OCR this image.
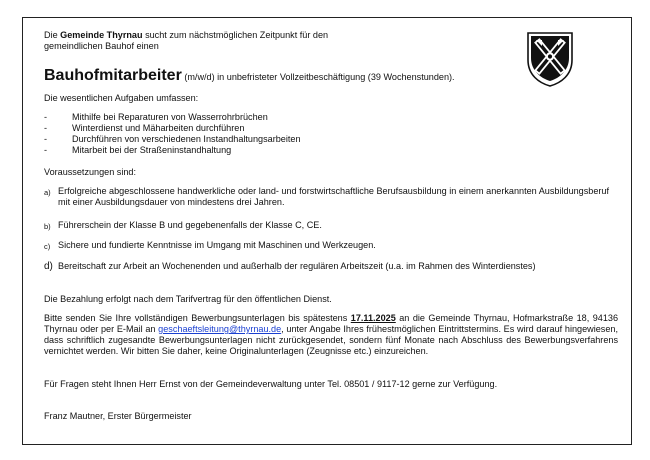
Die Gemeinde Thyrnau sucht zum nächstmöglichen Zeitpunkt für den
gemeindlichen Bauhof einen
Bauhofmitarbeiter (m/w/d) in unbefristeter Vollzeitbeschäftigung (39 Wochenstunden).
Die wesentlichen Aufgaben umfassen:
-	Mithilfe bei Reparaturen von Wasserrohrbrüchen
-	Winterdienst und Mäharbeiten durchführen
-	Durchführen von verschiedenen Instandhaltungsarbeiten
-	Mitarbeit bei der Straßeninstandhaltung
Voraussetzungen sind:
a) Erfolgreiche abgeschlossene handwerkliche oder land- und forstwirtschaftliche Berufsausbildung in einem anerkannten Ausbildungsberuf mit einer Ausbildungsdauer von mindestens drei Jahren.
b) Führerschein der Klasse B und gegebenenfalls der Klasse C, CE.
c) Sichere und fundierte Kenntnisse im Umgang mit Maschinen und Werkzeugen.
d) Bereitschaft zur Arbeit an Wochenenden und außerhalb der regulären Arbeitszeit (u.a. im Rahmen des Winterdienstes)
Die Bezahlung erfolgt nach dem Tarifvertrag für den öffentlichen Dienst.
Bitte senden Sie Ihre vollständigen Bewerbungsunterlagen bis spätestens 17.11.2025 an die Gemeinde Thyrnau, Hofmarkstraße 18, 94136 Thyrnau oder per E-Mail an geschaeftsleitung@thyrnau.de, unter Angabe Ihres frühestmöglichen Eintrittstermins. Es wird darauf hingewiesen, dass schriftlich zugesandte Bewerbungsunterlagen nicht zurückgesendet, sondern fünf Monate nach Abschluss des Bewerbungsverfahrens vernichtet werden. Wir bitten Sie daher, keine Originalunterlagen (Zeugnisse etc.) einzureichen.
Für Fragen steht Ihnen Herr Ernst von der Gemeindeverwaltung unter Tel. 08501 / 9117-12 gerne zur Verfügung.
Franz Mautner, Erster Bürgermeister
